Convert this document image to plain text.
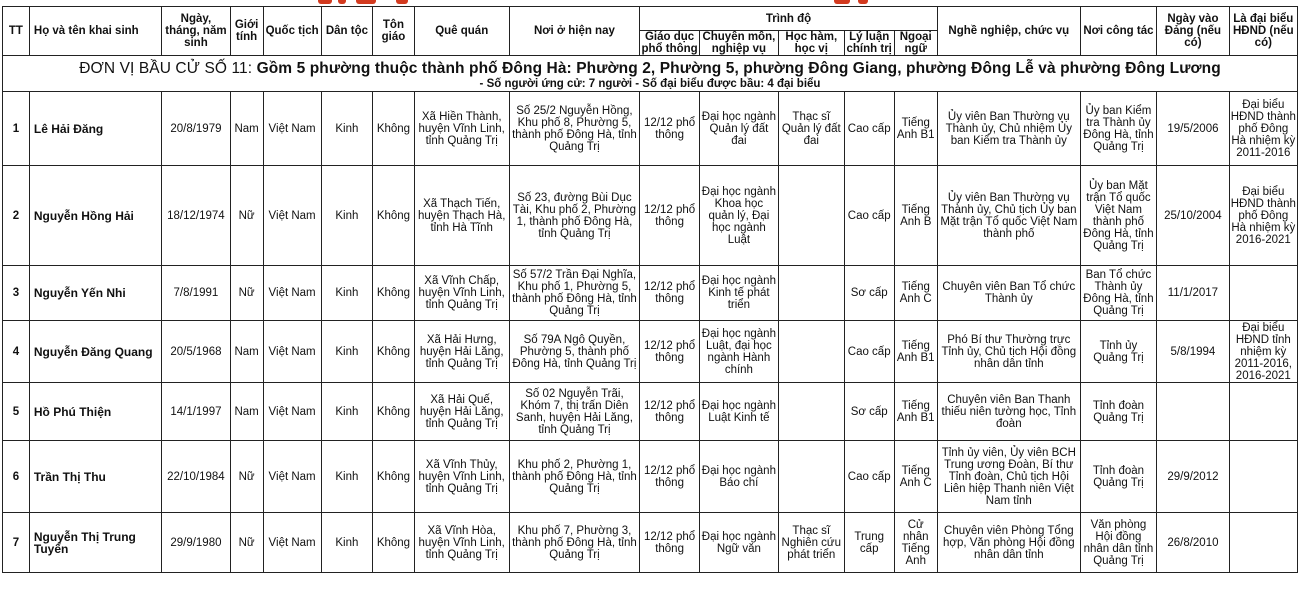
TT	Họ và tên khai sinh	Ngày, tháng, năm sinh	Giới tính	Quốc tịch	Dân tộc	Tôn giáo	Quê quán	Nơi ở hiện nay	Trình độ					Nghề nghiệp, chức vụ	Nơi công tác	Ngày vào Đảng (nếu có)	Là đại biểu HĐND (nếu có)
									Giáo dục phổ thông	Chuyên môn, nghiệp vụ	Học hàm, học vị	Lý luận chính trị	Ngoại ngữ				

ĐƠN VỊ BẦU CỬ SỐ 11: Gồm 5 phường thuộc thành phố Đông Hà: Phường 2, Phường 5, phường Đông Giang, phường Đông Lễ và phường Đông Lương
- Số người ứng cử: 7 người - Số đại biểu được bầu: 4 đại biểu																	

1	Lê Hải Đăng	20/8/1979	Nam	Việt Nam	Kinh	Không	Xã Hiền Thành, huyện Vĩnh Linh, tỉnh Quảng Trị	Số 25/2 Nguyễn Hồng, Khu phố 8, Phường 5, thành phố Đông Hà, tỉnh Quảng Trị	12/12 phổ thông	Đại học ngành Quản lý đất đai	Thạc sĩ Quản lý đất đai	Cao cấp	Tiếng Anh B1	Ủy viên Ban Thường vụ Thành ủy, Chủ nhiệm Ủy ban Kiểm tra Thành ủy	Ủy ban Kiểm tra Thành ủy Đông Hà, tỉnh Quảng Trị	19/5/2006	Đại biểu HĐND thành phố Đông Hà nhiệm kỳ 2011-2016
2	Nguyễn Hồng Hải	18/12/1974	Nữ	Việt Nam	Kinh	Không	Xã Thạch Tiến, huyện Thạch Hà, tỉnh Hà Tĩnh	Số 23, đường Bùi Dục Tài, Khu phố 2, Phường 1, thành phố Đông Hà, tỉnh Quảng Trị	12/12 phổ thông	Đại học ngành Khoa học quản lý, Đại học ngành Luật		Cao cấp	Tiếng Anh B	Ủy viên Ban Thường vụ Thành ủy, Chủ tịch Ủy ban Mặt trận Tổ quốc Việt Nam thành phố	Ủy ban Mặt trận Tổ quốc Việt Nam thành phố Đông Hà, tỉnh Quảng Trị	25/10/2004	Đại biểu HĐND thành phố Đông Hà nhiệm kỳ 2016-2021
3	Nguyễn Yến Nhi	7/8/1991	Nữ	Việt Nam	Kinh	Không	Xã Vĩnh Chấp, huyện Vĩnh Linh, tỉnh Quảng Trị	Số 57/2 Trần Đại Nghĩa, Khu phố 1, Phường 5, thành phố Đông Hà, tỉnh Quảng Trị	12/12 phổ thông	Đại học ngành Kinh tế phát triển		Sơ cấp	Tiếng Anh C	Chuyên viên Ban Tổ chức Thành ủy	Ban Tổ chức Thành ủy Đông Hà, tỉnh Quảng Trị	11/1/2017	
4	Nguyễn Đăng Quang	20/5/1968	Nam	Việt Nam	Kinh	Không	Xã Hải Hưng, huyện Hải Lăng, tỉnh Quảng Trị	Số 79A Ngô Quyền, Phường 5, thành phố Đông Hà, tỉnh Quảng Trị	12/12 phổ thông	Đại học ngành Luật, đại học ngành Hành chính		Cao cấp	Tiếng Anh B1	Phó Bí thư Thường trực Tỉnh ủy, Chủ tịch Hội đồng nhân dân tỉnh	Tỉnh ủy Quảng Trị	5/8/1994	Đại biểu HĐND tỉnh nhiệm kỳ 2011-2016, 2016-2021
5	Hồ Phú Thiện	14/1/1997	Nam	Việt Nam	Kinh	Không	Xã Hải Quế, huyện Hải Lăng, tỉnh Quảng Trị	Số 02 Nguyễn Trãi, Khóm 7, thị trấn Diên Sanh, huyện Hải Lăng, tỉnh Quảng Trị	12/12 phổ thông	Đại học ngành Luật Kinh tế		Sơ cấp	Tiếng Anh B1	Chuyên viên Ban Thanh thiếu niên tường học, Tỉnh đoàn	Tỉnh đoàn Quảng Trị		
6	Trần Thị Thu	22/10/1984	Nữ	Việt Nam	Kinh	Không	Xã Vĩnh Thủy, huyện Vĩnh Linh, tỉnh Quảng Trị	Khu phố 2, Phường 1, thành phố Đông Hà, tỉnh Quảng Trị	12/12 phổ thông	Đại học ngành Báo chí		Cao cấp	Tiếng Anh C	Tỉnh ủy viên, Ủy viên BCH Trung ương Đoàn, Bí thư Tỉnh đoàn, Chủ tịch Hội Liên hiệp Thanh niên Việt Nam tỉnh	Tỉnh đoàn Quảng Trị	29/9/2012	
7	Nguyễn Thị Trung Tuyến	29/9/1980	Nữ	Việt Nam	Kinh	Không	Xã Vĩnh Hòa, huyện Vĩnh Linh, tỉnh Quảng Trị	Khu phố 7, Phường 3, thành phố Đông Hà, tỉnh Quảng Trị	12/12 phổ thông	Đại học ngành Ngữ văn	Thạc sĩ Nghiên cứu phát triển	Trung cấp	Cử nhân Tiếng Anh	Chuyên viên Phòng Tổng hợp, Văn phòng Hội đồng nhân dân tỉnh	Văn phòng Hội đồng nhân dân tỉnh Quảng Trị	26/8/2010	
